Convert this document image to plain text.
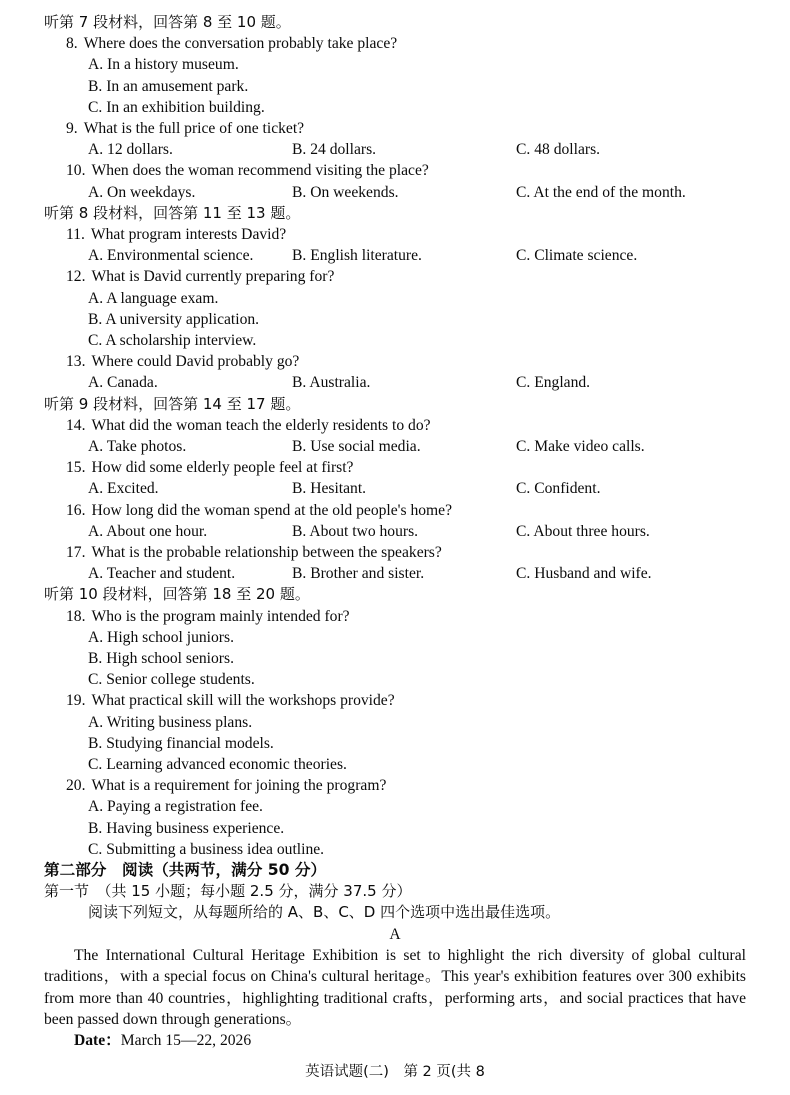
听第 7 段材料，回答第 8 至 10 题。
8. Where does the conversation probably take place?
A. In a history museum.
B. In an amusement park.
C. In an exhibition building.
9. What is the full price of one ticket?

A. 12 dollars.

	B. 24 dollars.

	C. 48 dollars.

10. When does the woman recommend visiting the place?

A. On weekdays.

	B. On weekends.

	C. At the end of the month.

听第 8 段材料，回答第 11 至 13 题。
11. What program interests David?

A. Environmental science.

B. English literature.

	C. Climate science.

12. What is David currently preparing for?
A. A language exam.
B. A university application.
C. A scholarship interview.
13. Where could David probably go?

A. Canada.

	B. Australia.

	C. England.

听第 9 段材料，回答第 14 至 17 题。
14. What did the woman teach the elderly residents to do?

A. Take photos.

	B. Use social media.

	C. Make video calls.

15. How did some elderly people feel at first?

A. Excited.

	B. Hesitant.

	C. Confident.

16. How long did the woman spend at the old people's home?

A. About one hour.

	B. About two hours.

	C. About three hours.

17. What is the probable relationship between the speakers?

A. Teacher and student.

	B. Brother and sister.

	C. Husband and wife.

听第 10 段材料，回答第 18 至 20 题。
18. Who is the program mainly intended for?
A. High school juniors.
B. High school seniors.
C. Senior college students.
19. What practical skill will the workshops provide?
A. Writing business plans.
B. Studying financial models.
C. Learning advanced economic theories.
20. What is a requirement for joining the program?
A. Paying a registration fee.
B. Having business experience.
C. Submitting a business idea outline.
第二部分　阅读（共两节，满分 50 分）
第一节　（共 15 小题；每小题 2.5 分，满分 37.5 分）
阅读下列短文，从每题所给的 A、B、C、D 四个选项中选出最佳选项。
A

The International Cultural Heritage Exhibition is set to highlight the rich diversity of global cultural traditions，with a special focus on China's cultural heritage。This year's exhibition features over 300 exhibits from more than 40 countries，highlighting traditional crafts，performing arts，and social practices that have been passed down through generations。

Date：March 15—22, 2026
英语试题(二)　第 2 页(共 8
